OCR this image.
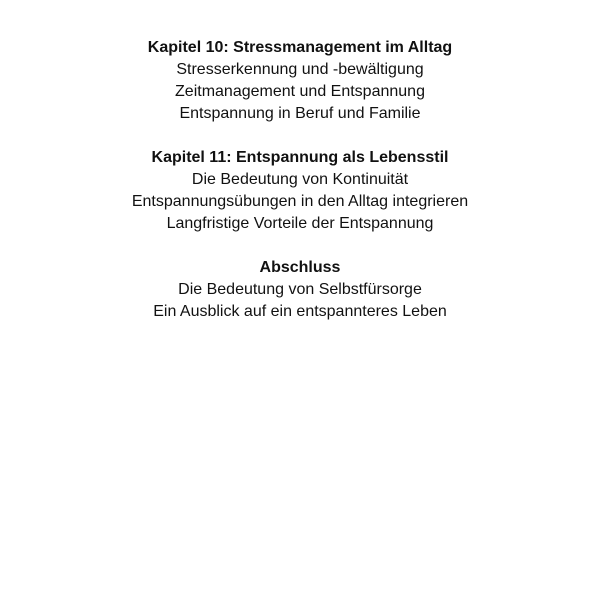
Kapitel 10: Stressmanagement im Alltag

Stresserkennung und -bewältigung

Zeitmanagement und Entspannung

Entspannung in Beruf und Familie

Kapitel 11: Entspannung als Lebensstil

Die Bedeutung von Kontinuität

Entspannungsübungen in den Alltag integrieren

Langfristige Vorteile der Entspannung

Abschluss

Die Bedeutung von Selbstfürsorge

Ein Ausblick auf ein entspannteres Leben
